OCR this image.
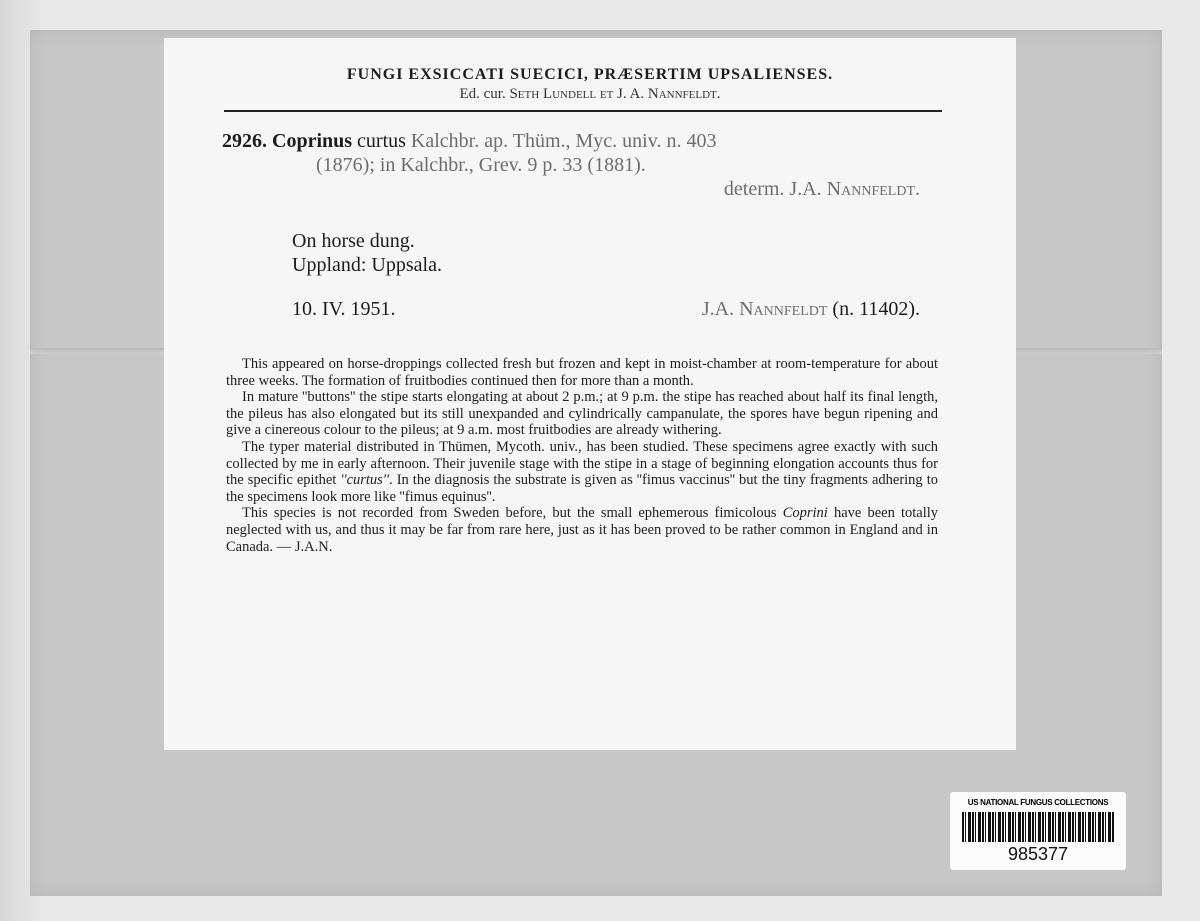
FUNGI EXSICCATI SUECICI, PRÆSERTIM UPSALIENSES.
Ed. cur. Seth Lundell et J. A. Nannfeldt.
2926. Coprinus curtus Kalchbr. ap. Thüm., Myc. univ. n. 403
(1876); in Kalchbr., Grev. 9 p. 33 (1881).
determ. J.A. Nannfeldt.
On horse dung.
Uppland: Uppsala.
10. IV. 1951.	J.A. Nannfeldt (n. 11402).

This appeared on horse-droppings collected fresh but frozen and kept in moist-chamber at room-temperature for about three weeks. The formation of fruitbodies continued then for more than a month.

In mature ''buttons'' the stipe starts elongating at about 2 p.m.; at 9 p.m. the stipe has reached about half its final length, the pileus has also elongated but its still unexpanded and cylindrically campanulate, the spores have begun ripening and give a cinereous colour to the pileus; at 9 a.m. most fruitbodies are already withering.

The typer material distributed in Thümen, Mycoth. univ., has been studied. These specimens agree exactly with such collected by me in early afternoon. Their juvenile stage with the stipe in a stage of beginning elongation accounts thus for the specific epithet ''curtus''. In the diagnosis the substrate is given as ''fimus vaccinus'' but the tiny fragments adhering to the specimens look more like ''fimus equinus''.

This species is not recorded from Sweden before, but the small ephemerous fimicolous Coprini have been totally neglected with us, and thus it may be far from rare here, just as it has been proved to be rather common in England and in Canada. — J.A.N.

US NATIONAL FUNGUS COLLECTIONS
985377
